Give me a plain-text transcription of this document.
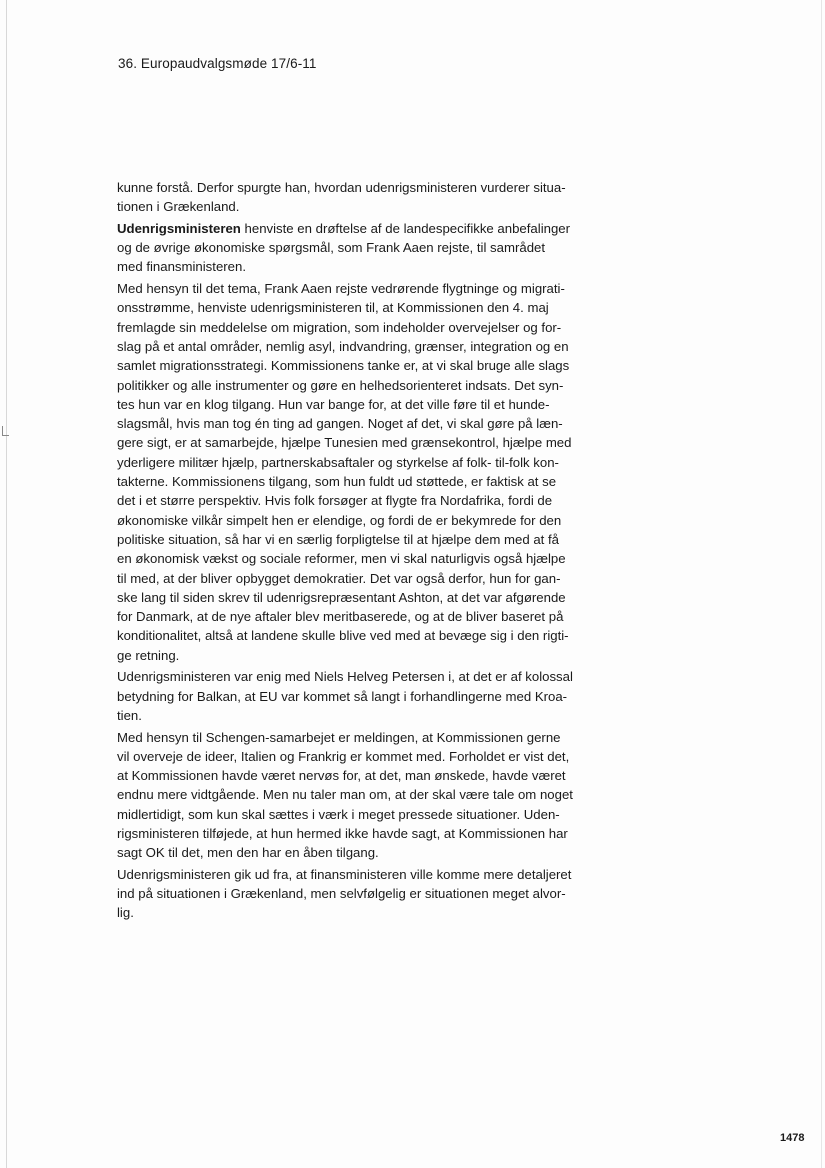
36. Europaudvalgsmøde 17/6-11

kunne forstå. Derfor spurgte han, hvordan udenrigsministeren vurderer situa-
tionen i Grækenland.

Udenrigsministeren henviste en drøftelse af de landespecifikke anbefalinger
og de øvrige økonomiske spørgsmål, som Frank Aaen rejste, til samrådet
med finansministeren.

Med hensyn til det tema, Frank Aaen rejste vedrørende flygtninge og migrati-
onsstrømme, henviste udenrigsministeren til, at Kommissionen den 4. maj
fremlagde sin meddelelse om migration, som indeholder overvejelser og for-
slag på et antal områder, nemlig asyl, indvandring, grænser, integration og en
samlet migrationsstrategi. Kommissionens tanke er, at vi skal bruge alle slags
politikker og alle instrumenter og gøre en helhedsorienteret indsats. Det syn-
tes hun var en klog tilgang. Hun var bange for, at det ville føre til et hunde-
slagsmål, hvis man tog én ting ad gangen. Noget af det, vi skal gøre på læn-
gere sigt, er at samarbejde, hjælpe Tunesien med grænsekontrol, hjælpe med
yderligere militær hjælp, partnerskabsaftaler og styrkelse af folk- til-folk kon-
takterne. Kommissionens tilgang, som hun fuldt ud støttede, er faktisk at se
det i et større perspektiv. Hvis folk forsøger at flygte fra Nordafrika, fordi de
økonomiske vilkår simpelt hen er elendige, og fordi de er bekymrede for den
politiske situation, så har vi en særlig forpligtelse til at hjælpe dem med at få
en økonomisk vækst og sociale reformer, men vi skal naturligvis også hjælpe
til med, at der bliver opbygget demokratier. Det var også derfor, hun for gan-
ske lang til siden skrev til udenrigsrepræsentant Ashton, at det var afgørende
for Danmark, at de nye aftaler blev meritbaserede, og at de bliver baseret på
konditionalitet, altså at landene skulle blive ved med at bevæge sig i den rigti-
ge retning.

Udenrigsministeren var enig med Niels Helveg Petersen i, at det er af kolossal
betydning for Balkan, at EU var kommet så langt i forhandlingerne med Kroa-
tien.

Med hensyn til Schengen-samarbejet er meldingen, at Kommissionen gerne
vil overveje de ideer, Italien og Frankrig er kommet med. Forholdet er vist det,
at Kommissionen havde været nervøs for, at det, man ønskede, havde været
endnu mere vidtgående. Men nu taler man om, at der skal være tale om noget
midlertidigt, som kun skal sættes i værk i meget pressede situationer. Uden-
rigsministeren tilføjede, at hun hermed ikke havde sagt, at Kommissionen har
sagt OK til det, men den har en åben tilgang.

Udenrigsministeren gik ud fra, at finansministeren ville komme mere detaljeret
ind på situationen i Grækenland, men selvfølgelig er situationen meget alvor-
lig.

1478
